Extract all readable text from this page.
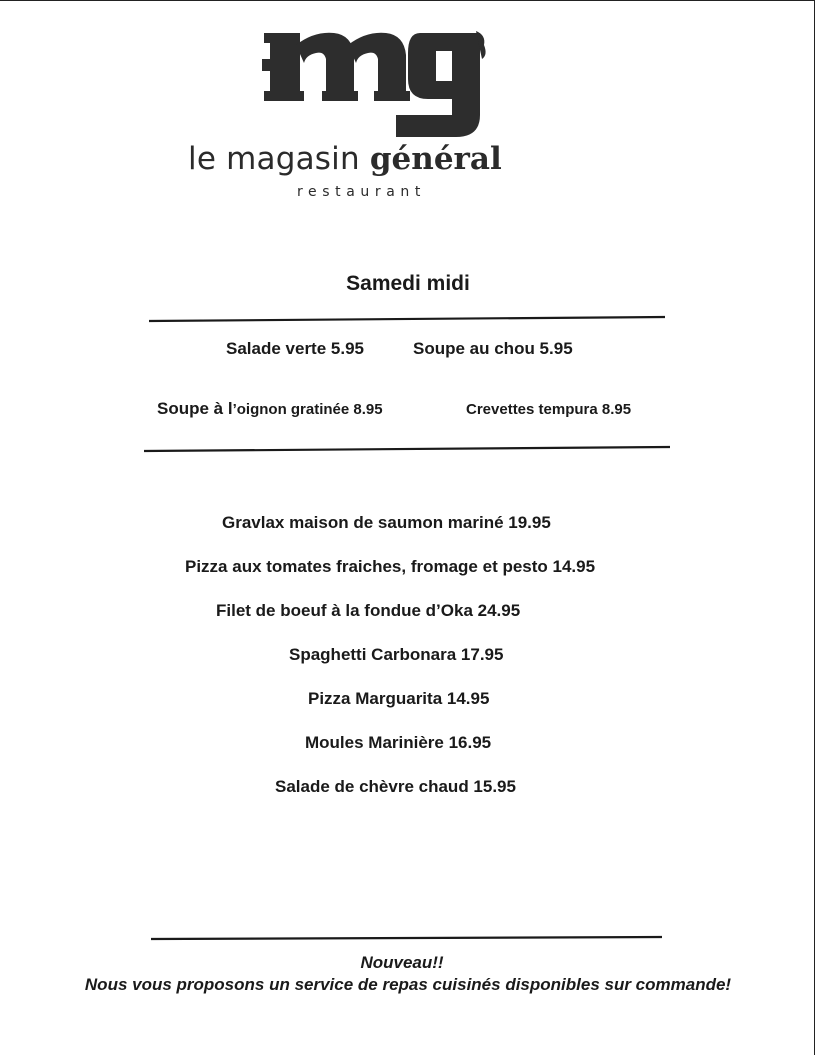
le magasin général
restaurant
Samedi midi
Salade verte 5.95	Soupe au chou 5.95
Soupe à l’oignon gratinée 8.95	Crevettes tempura 8.95
Gravlax maison de saumon mariné 19.95
Pizza aux tomates fraiches, fromage et pesto 14.95
Filet de boeuf à la fondue d’Oka 24.95
Spaghetti Carbonara 17.95
Pizza Marguarita 14.95
Moules Marinière 16.95
Salade de chèvre chaud 15.95
Nouveau!!
Nous vous proposons un service de repas cuisinés disponibles sur commande!
